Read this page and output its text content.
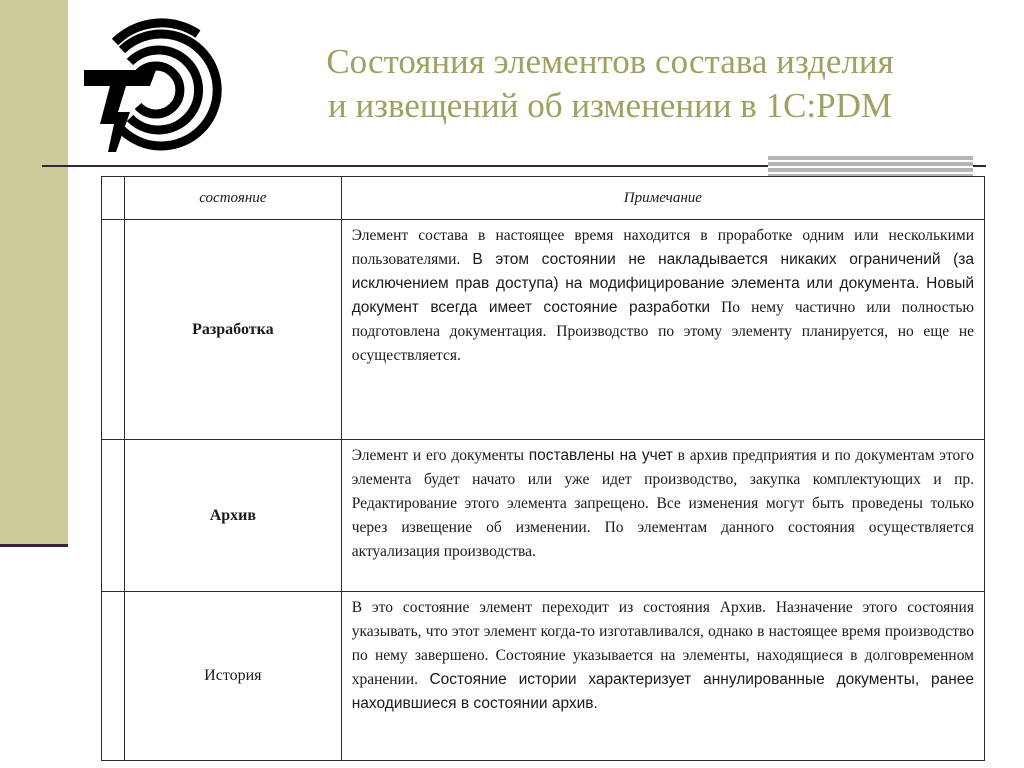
Состояния элементов состава изделия
и извещений об изменении в 1С:PDM
	состояние	Примечание
	Разработка	Элемент состава в настоящее время находится в проработке одним или несколькими пользователями. В этом состоянии не накладывается никаких ограничений (за исключением прав доступа) на модифицирование элемента или документа. Новый документ всегда имеет состояние разработки По нему частично или полностью подготовлена документация. Производство по этому элементу планируется, но еще не осуществляется.
	Архив	Элемент и его документы поставлены на учет в архив предприятия и по документам этого элемента будет начато или уже идет производство, закупка комплектующих и пр. Редактирование этого элемента запрещено. Все изменения могут быть проведены только через извещение об изменении. По элементам данного состояния осуществляется актуализация производства.
	История	В это состояние элемент переходит из состояния Архив. Назначение этого состояния указывать, что этот элемент когда-то изготавливался, однако в настоящее время производство по нему завершено. Состояние указывается на элементы, находящиеся в долговременном хранении. Состояние истории характеризует аннулированные документы, ранее находившиеся в состоянии архив.
